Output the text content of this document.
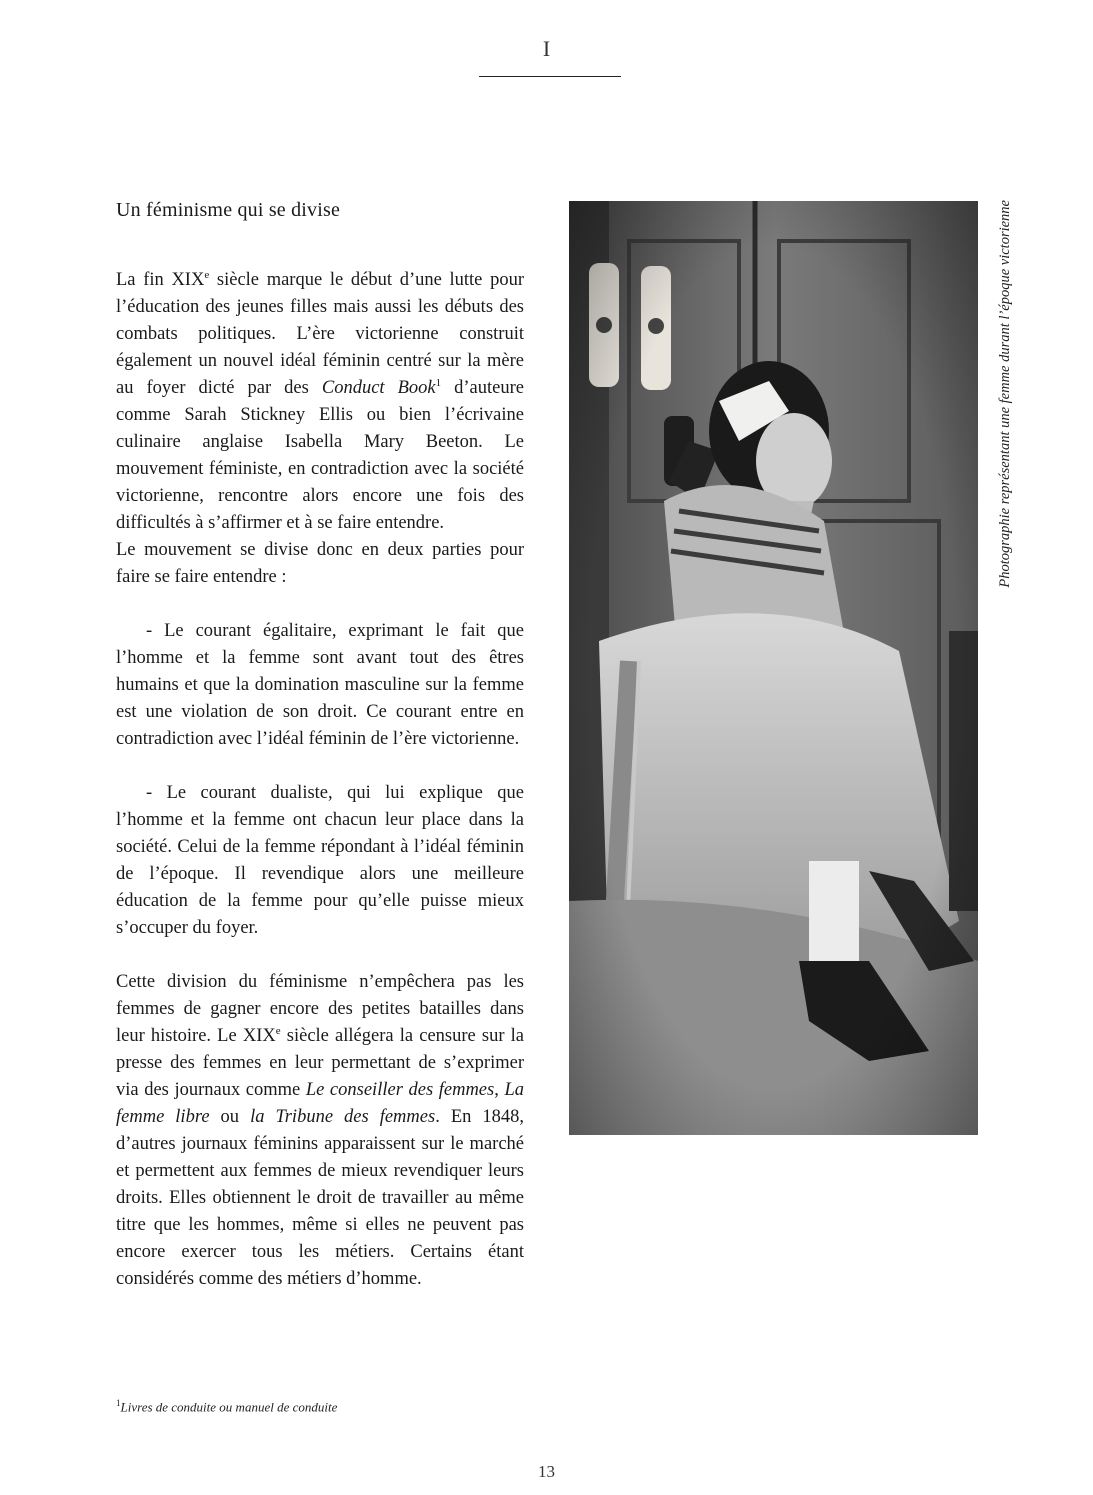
I
Un féminisme qui se divise

La fin XIXe siècle marque le début d’une lutte pour l’éducation des jeunes filles mais aussi les débuts des combats politiques. L’ère victorienne construit également un nouvel idéal féminin centré sur la mère au foyer dicté par des Conduct Book$^1$ d’auteure comme Sarah Stickney Ellis ou bien l’écrivaine culinaire anglaise Isabella Mary Beeton. Le mouvement féministe, en contradiction avec la société victorienne, rencontre alors encore une fois des difficultés à s’affirmer et à se faire entendre.

Le mouvement se divise donc en deux parties pour faire se faire entendre :

- Le courant égalitaire, exprimant le fait que l’homme et la femme sont avant tout des êtres humains et que la domination masculine sur la femme est une violation de son droit. Ce courant entre en contradiction avec l’idéal féminin de l’ère victorienne.

- Le courant dualiste, qui lui explique que l’homme et la femme ont chacun leur place dans la société. Celui de la femme répondant à l’idéal féminin de l’époque. Il revendique alors une meilleure éducation de la femme pour qu’elle puisse mieux s’occuper du foyer.

Cette division du féminisme n’empêchera pas les femmes de gagner encore des petites batailles dans leur histoire. Le XIXe siècle allégera la censure sur la presse des femmes en leur permettant de s’exprimer via des journaux comme Le conseiller des femmes, La femme libre ou la Tribune des femmes. En 1848, d’autres journaux féminins apparaissent sur le marché et permettent aux femmes de mieux revendiquer leurs droits. Elles obtiennent le droit de travailler au même titre que les hommes, même si elles ne peuvent pas encore exercer tous les métiers. Certains étant considérés comme des métiers d’homme.

Photographie représentant une femme durant l’époque victorienne
$^1$Livres de conduite ou manuel de conduite
13
